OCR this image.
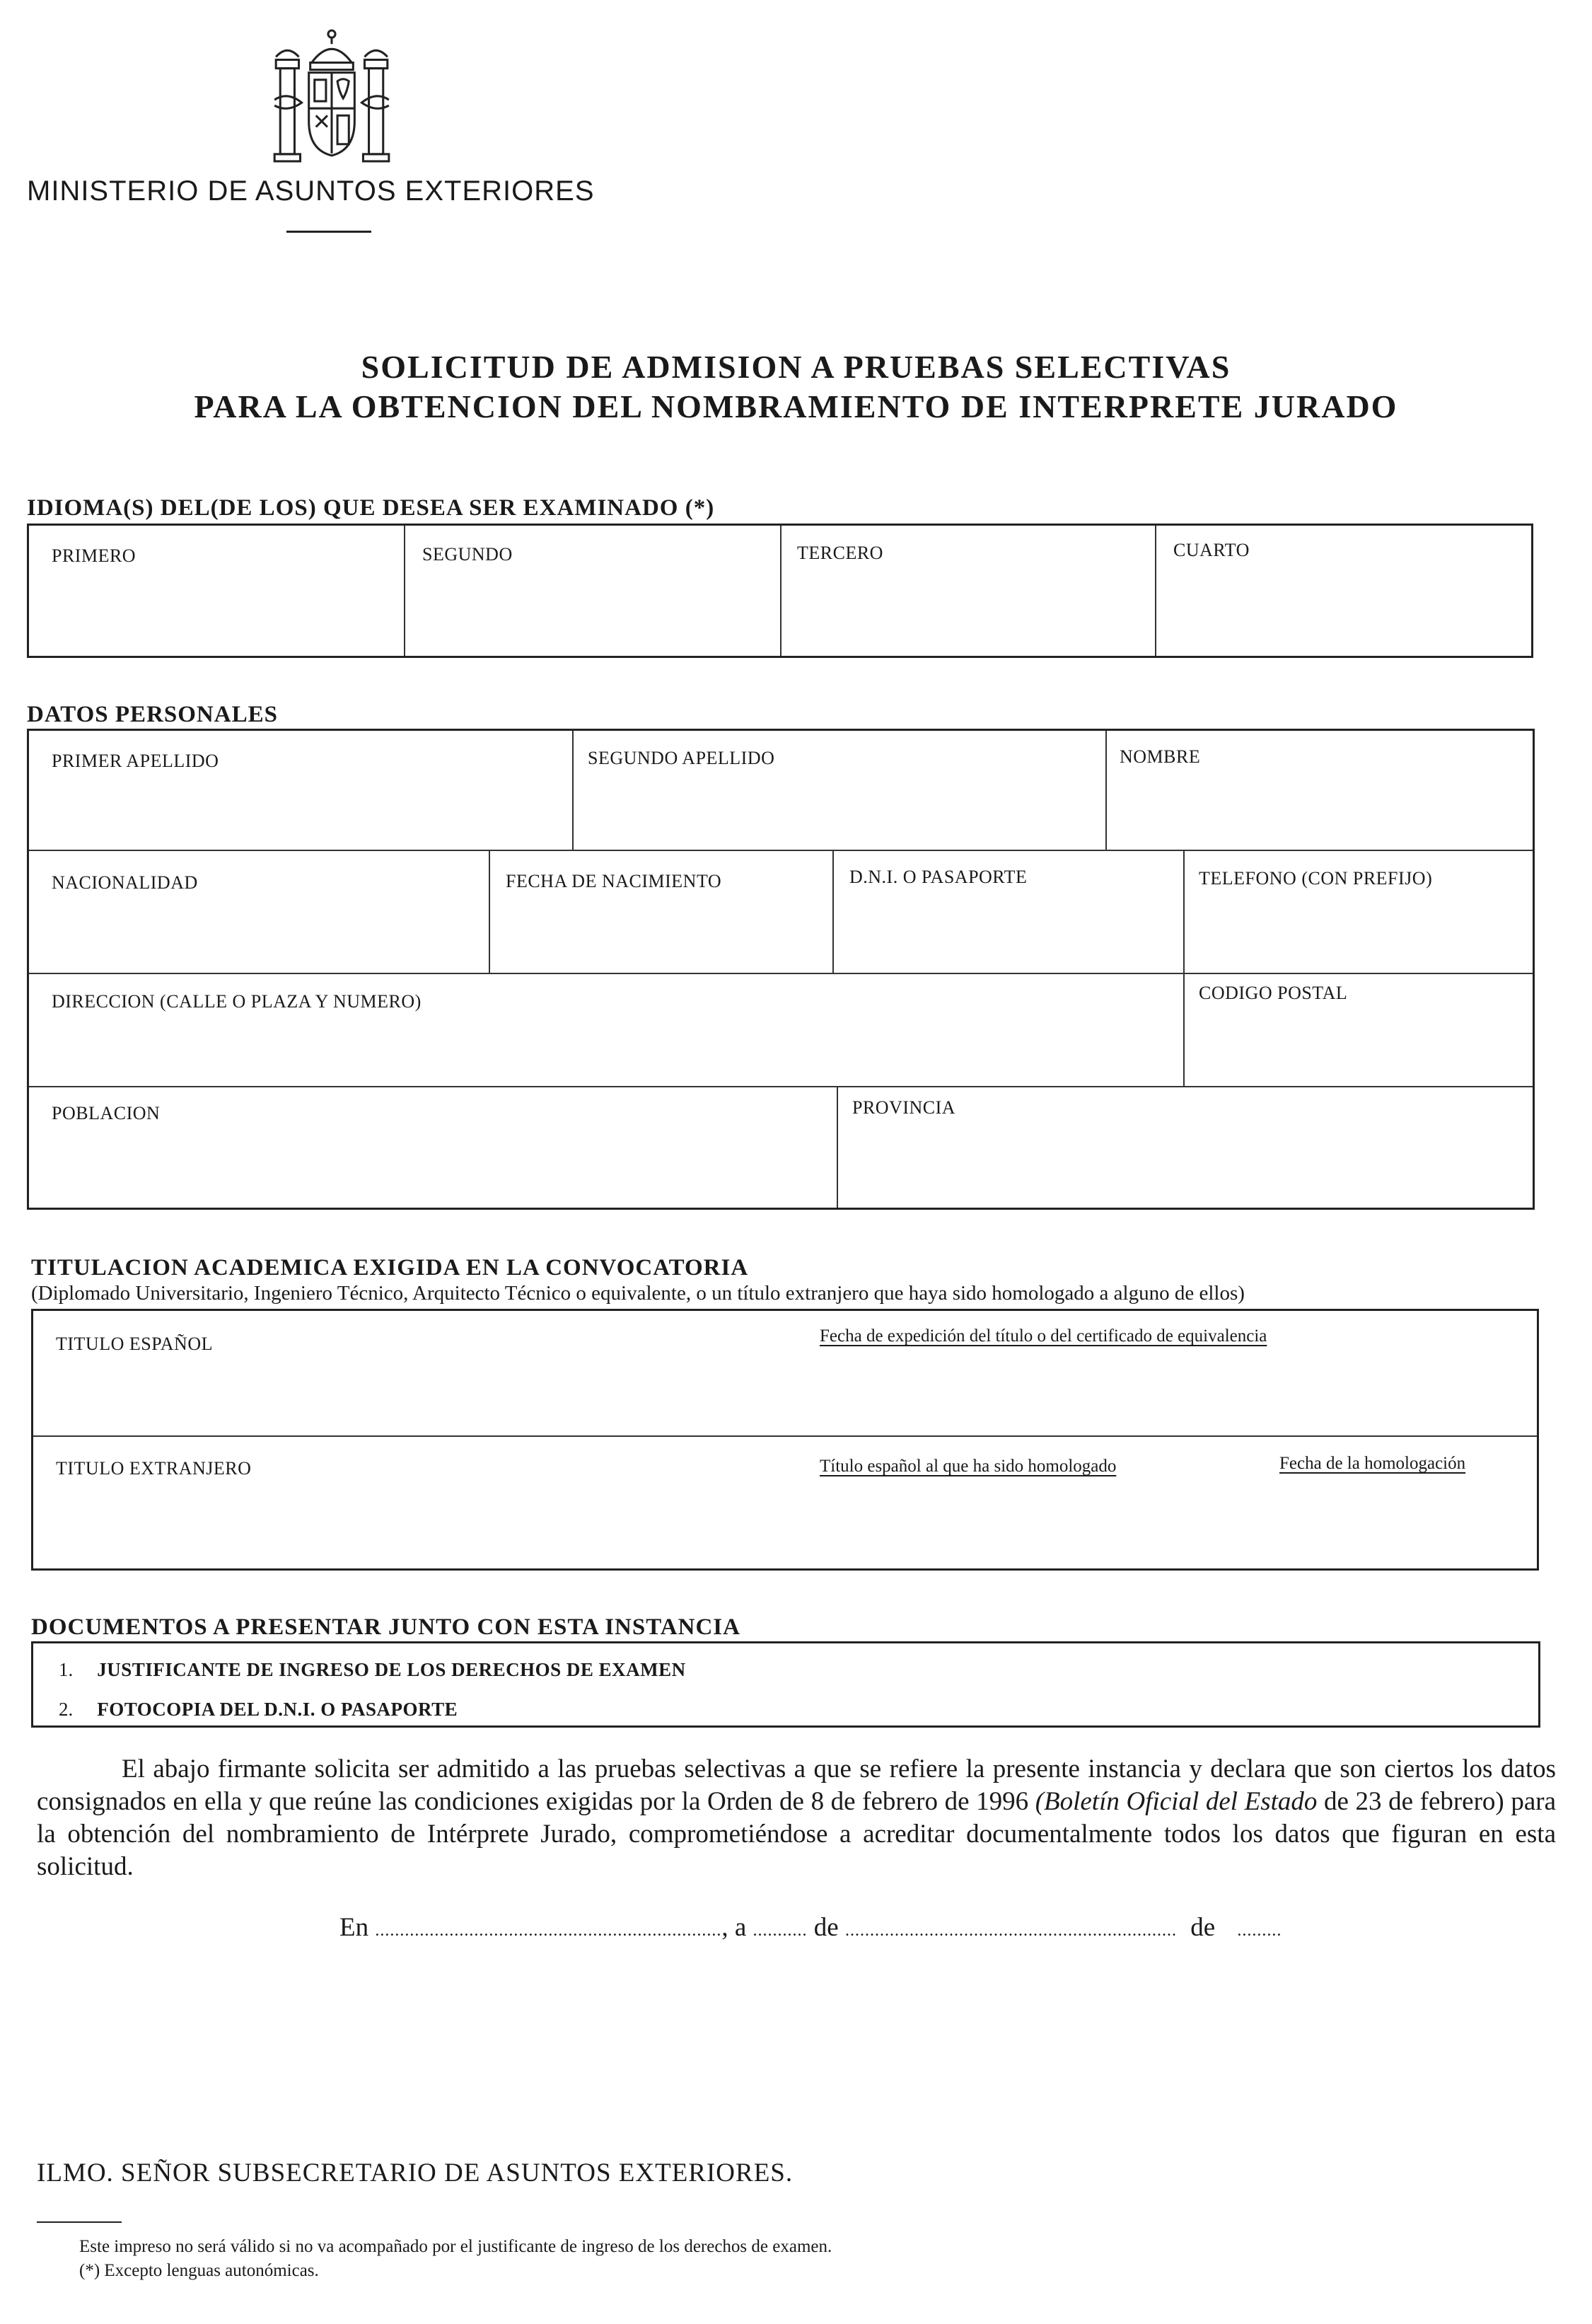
MINISTERIO DE ASUNTOS EXTERIORES
SOLICITUD DE ADMISION A PRUEBAS SELECTIVAS
PARA LA OBTENCION DEL NOMBRAMIENTO DE INTERPRETE JURADO
IDIOMA(S) DEL(DE LOS) QUE DESEA SER EXAMINADO (*)
PRIMERO	SEGUNDO	TERCERO	CUARTO
DATOS PERSONALES
PRIMER APELLIDO	SEGUNDO APELLIDO	NOMBRE
NACIONALIDAD	FECHA DE NACIMIENTO	D.N.I. O PASAPORTE	TELEFONO (CON PREFIJO)
DIRECCION (CALLE O PLAZA Y NUMERO)	CODIGO POSTAL
POBLACION	PROVINCIA
TITULACION ACADEMICA EXIGIDA EN LA CONVOCATORIA
(Diplomado Universitario, Ingeniero Técnico, Arquitecto Técnico o equivalente, o un título extranjero que haya sido homologado a alguno de ellos)
TITULO ESPAÑOL	Fecha de expedición del título o del certificado de equivalencia
TITULO EXTRANJERO	Título español al que ha sido homologado	Fecha de la homologación
DOCUMENTOS A PRESENTAR JUNTO CON ESTA INSTANCIA
1. JUSTIFICANTE DE INGRESO DE LOS DERECHOS DE EXAMEN
2. FOTOCOPIA DEL D.N.I. O PASAPORTE
El abajo firmante solicita ser admitido a las pruebas selectivas a que se refiere la presente instancia y declara que son ciertos los datos consignados en ella y que reúne las condiciones exigidas por la Orden de 8 de febrero de 1996 (Boletín Oficial del Estado de 23 de febrero) para la obtención del nombramiento de Intérprete Jurado, comprometiéndose a acreditar documentalmente todos los datos que figuran en esta solicitud.
En ......................................................................, a ........... de ................................................................... de .........
ILMO. SEÑOR SUBSECRETARIO DE ASUNTOS EXTERIORES.
Este impreso no será válido si no va acompañado por el justificante de ingreso de los derechos de examen.
(*) Excepto lenguas autonómicas.
